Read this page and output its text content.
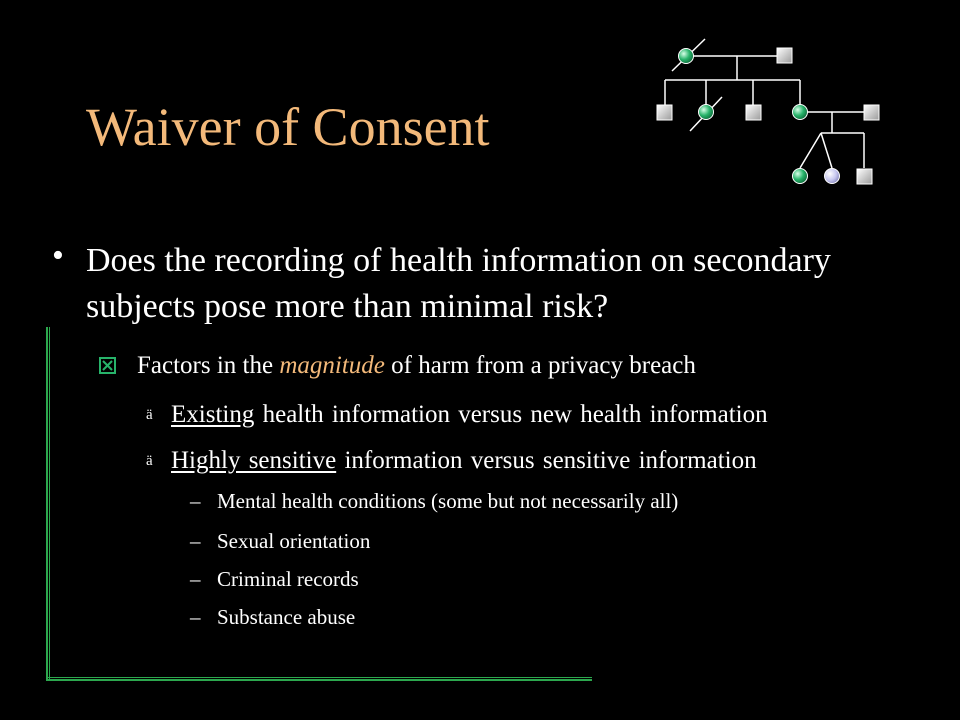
Waiver of Consent
• Does the recording of health information on secondary subjects pose more than minimal risk?
Factors in the magnitude of harm from a privacy breach
ä Existing health information versus new health information
ä Highly sensitive information versus sensitive information
– Mental health conditions (some but not necessarily all)
– Sexual orientation
– Criminal records
– Substance abuse
